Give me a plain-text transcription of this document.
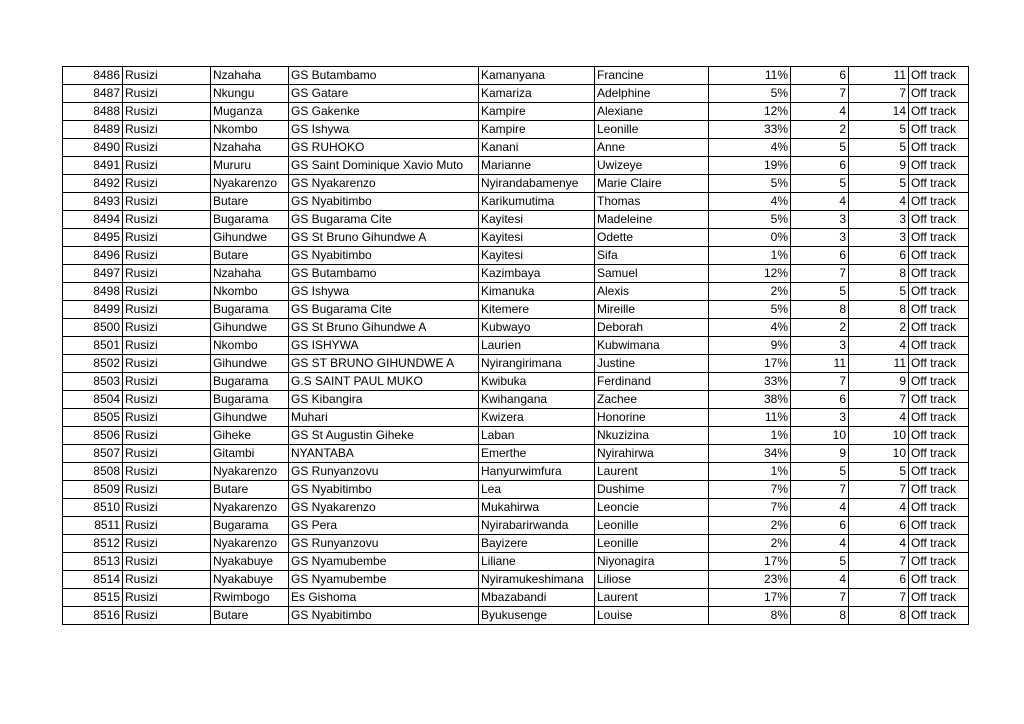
8486	Rusizi	Nzahaha	GS Butambamo	Kamanyana	Francine	11%	6	11	Off track
8487	Rusizi	Nkungu	GS Gatare	Kamariza	Adelphine	5%	7	7	Off track
8488	Rusizi	Muganza	GS Gakenke	Kampire	Alexiane	12%	4	14	Off track
8489	Rusizi	Nkombo	GS Ishywa	Kampire	Leonille	33%	2	5	Off track
8490	Rusizi	Nzahaha	GS RUHOKO	Kanani	Anne	4%	5	5	Off track
8491	Rusizi	Mururu	GS Saint Dominique Xavio Muto	Marianne	Uwizeye	19%	6	9	Off track
8492	Rusizi	Nyakarenzo	GS Nyakarenzo	Nyirandabamenye	Marie Claire	5%	5	5	Off track
8493	Rusizi	Butare	GS Nyabitimbo	Karikumutima	Thomas	4%	4	4	Off track
8494	Rusizi	Bugarama	GS Bugarama Cite	Kayitesi	Madeleine	5%	3	3	Off track
8495	Rusizi	Gihundwe	GS St Bruno Gihundwe A	Kayitesi	Odette	0%	3	3	Off track
8496	Rusizi	Butare	GS Nyabitimbo	Kayitesi	Sifa	1%	6	6	Off track
8497	Rusizi	Nzahaha	GS Butambamo	Kazimbaya	Samuel	12%	7	8	Off track
8498	Rusizi	Nkombo	GS Ishywa	Kimanuka	Alexis	2%	5	5	Off track
8499	Rusizi	Bugarama	GS Bugarama Cite	Kitemere	Mireille	5%	8	8	Off track
8500	Rusizi	Gihundwe	GS St Bruno Gihundwe A	Kubwayo	Deborah	4%	2	2	Off track
8501	Rusizi	Nkombo	GS ISHYWA	Laurien	Kubwimana	9%	3	4	Off track
8502	Rusizi	Gihundwe	GS ST BRUNO GIHUNDWE A	Nyirangirimana	Justine	17%	11	11	Off track
8503	Rusizi	Bugarama	G.S SAINT PAUL MUKO	Kwibuka	Ferdinand	33%	7	9	Off track
8504	Rusizi	Bugarama	GS Kibangira	Kwihangana	Zachee	38%	6	7	Off track
8505	Rusizi	Gihundwe	Muhari	Kwizera	Honorine	11%	3	4	Off track
8506	Rusizi	Giheke	GS St Augustin Giheke	Laban	Nkuzizina	1%	10	10	Off track
8507	Rusizi	Gitambi	NYANTABA	Emerthe	Nyirahirwa	34%	9	10	Off track
8508	Rusizi	Nyakarenzo	GS Runyanzovu	Hanyurwimfura	Laurent	1%	5	5	Off track
8509	Rusizi	Butare	GS Nyabitimbo	Lea	Dushime	7%	7	7	Off track
8510	Rusizi	Nyakarenzo	GS Nyakarenzo	Mukahirwa	Leoncie	7%	4	4	Off track
8511	Rusizi	Bugarama	GS Pera	Nyirabarirwanda	Leonille	2%	6	6	Off track
8512	Rusizi	Nyakarenzo	GS Runyanzovu	Bayizere	Leonille	2%	4	4	Off track
8513	Rusizi	Nyakabuye	GS Nyamubembe	Liliane	Niyonagira	17%	5	7	Off track
8514	Rusizi	Nyakabuye	GS Nyamubembe	Nyiramukeshimana	Liliose	23%	4	6	Off track
8515	Rusizi	Rwimbogo	Es Gishoma	Mbazabandi	Laurent	17%	7	7	Off track
8516	Rusizi	Butare	GS Nyabitimbo	Byukusenge	Louise	8%	8	8	Off track
